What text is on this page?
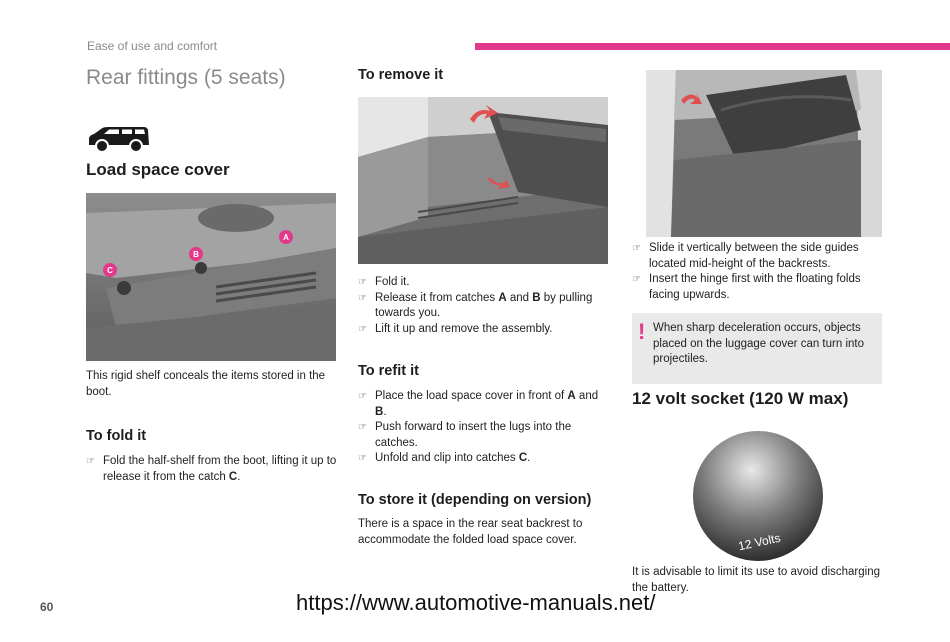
Ease of use and comfort
Rear fittings (5 seats)
Load space cover
C
B
A

This rigid shelf conceals the items stored in the boot.

To fold it
☞ Fold the half-shelf from the boot, lifting it up to release it from the catch C.
To remove it
☞ Fold it.
☞ Release it from catches A and B by pulling towards you.
☞ Lift it up and remove the assembly.
To refit it
☞ Place the load space cover in front of A and B.
☞ Push forward to insert the lugs into the catches.
☞ Unfold and clip into catches C.
To store it (depending on version)

There is a space in the rear seat backrest to accommodate the folded load space cover.

☞ Slide it vertically between the side guides located mid-height of the backrests.
☞ Insert the hinge first with the floating folds facing upwards.
! When sharp deceleration occurs, objects placed on the luggage cover can turn into projectiles.

12 volt socket (120 W max)
12 Volts

It is advisable to limit its use to avoid discharging the battery.

60	https://www.automotive-manuals.net/
